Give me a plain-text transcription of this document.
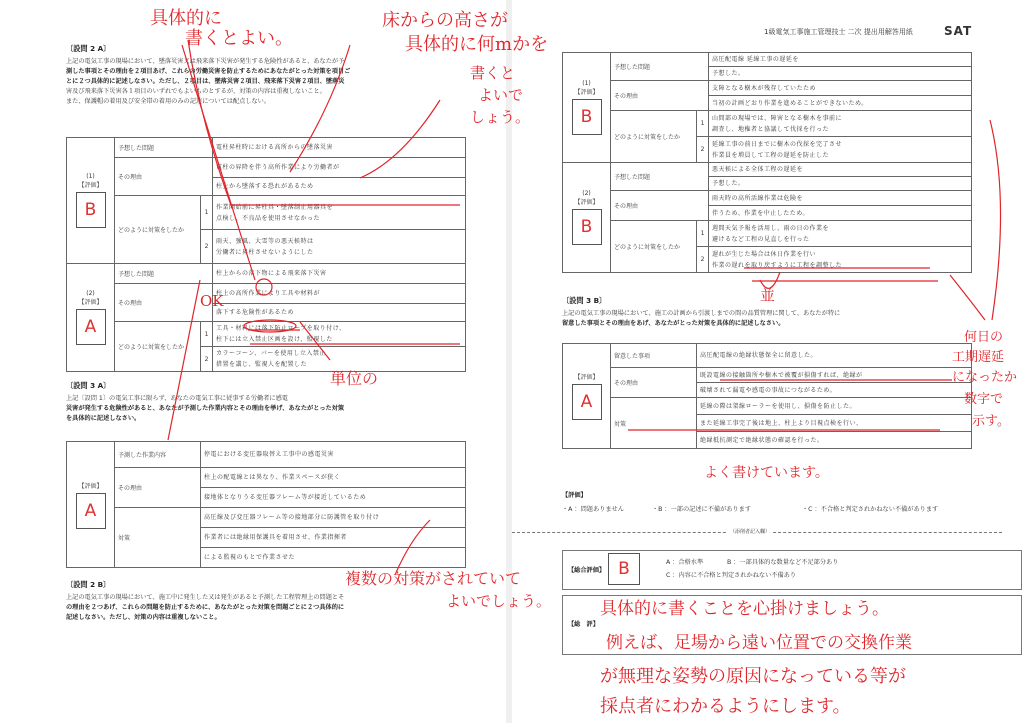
〔設問 2 A〕
上記の電気工事の現場において、墜落災害又は飛来落下災害が発生する危険性があると、あなたが予
測した事項とその理由を２項目あげ、これらの労働災害を防止するためにあなたがとった対策を項目ご
とに２つ具体的に記述しなさい。ただし、２項目は、墜落災害２項目、飛来落下災害２項目、墜落災
害及び飛来落下災害各１項目のいずれでもよいものとするが、対策の内容は重複しないこと。
また、保護帽の着用及び安全帯の着用のみの記述については配点しない。
(1)
【評価】
B	予想した問題		電柱昇柱時における高所からの墜落災害
	その理由		電柱の昇降を伴う高所作業により労働者が
			柱上から墜落する恐れがあるため
	どのように対策をしたか	1	作業開始前に昇柱具・墜落制止用器具を
点検し、不良品を使用させなかった
		2	雨天、強風、大雪等の悪天候時は
労働者に昇柱させないようにした

(2)
【評価】
A	予想した問題		柱上からの落下物による飛来落下災害
	その理由		柱上の高所作業により工具や材料が
			落下する危険性があるため
	どのように対策をしたか	1	工具・材料には落下防止ロープを取り付け、
柱下には立入禁止区画を設け、監視した
		2	カラーコーン、バーを使用し立入禁止
措置を講じ、監視人を配置した
〔設問 3 A〕
上記〔設問 1〕の電気工事に限らず、あなたの電気工事に従事する労働者に感電
災害が発生する危険性があると、あなたが予測した作業内容とその理由を挙げ、あなたがとった対策
を具体的に記述しなさい。
【評価】
A	予測した作業内容	停電における変圧器取替え工事中の感電災害
	その理由	柱上の配電線とは異なり、作業スペースが狭く
		接地体となりうる変圧器フレーム等が接近しているため
	対策	高圧線及び変圧器フレーム等の接地部分に防護管を取り付け
		作業者には絶縁用保護具を着用させ、作業指揮者
		による監視のもとで作業させた
〔設問 2 B〕
上記の電気工事の現場において、施工中に発生した又は発生があると予測した工程管理上の問題とそ
の理由を２つあげ、これらの問題を防止するために、あなたがとった対策を問題ごとに２つ具体的に
記述しなさい。ただし、対策の内容は重複しないこと。
1級電気工事施工管理技士 二次 提出用解答用紙	SAT
(1)
【評価】
B	予想した問題		高圧配電線 延線工事の遅延を
			予想した。
	その理由		支障となる樹木が残存していたため
			当初の計画どおり作業を進めることができないため。

	どのように対策をしたか	1	山間部の現場では、障害となる樹木を事前に
調査し、地権者と協議して伐採を行った
		2	延線工事の前日までに樹木の伐採を完了させ
作業員を増員して工程の遅延を防止した

(2)
【評価】
B	予想した問題		悪天候による全体工程の遅延を
			予想した。
	その理由		雨天時の高所活線作業は危険を
			伴うため、作業を中止したため。
	どのように対策をしたか	1	週間天気予報を活用し、雨の日の作業を
避けるなど工程の見直しを行った
		2	遅れが生じた場合は休日作業を行い
作業の遅れを取り戻すように工程を調整した
〔設問 3 B〕
上記の電気工事の現場において、施工の計画から引渡しまでの間の品質管理に関して、あなたが特に
留意した事項とその理由をあげ、あなたがとった対策を具体的に記述しなさい。
【評価】
A	留意した事項	高圧配電線の絶縁状態保全に留意した。
	その理由	既設電線の接触箇所や樹木で被覆が損傷すれば、絶縁が
		破壊されて漏電や感電の事故につながるため。
	対策	延線の際は架線ローラーを使用し、損傷を防止した。
		また延線工事完了後は地上、柱上より目視点検を行い、
		絶縁抵抗測定で絶縁状態の確認を行った。
【評価】
・A ：問題ありません	・B ：一部の記述に不備があります	・C ：不合格と判定されかねない不備があります
（添削者記入欄）
【総合評価】 B	A ：合格水準	B ：一部具体的な数量など不足部分あり
C ：内容に不合格と判定されかねない不備あり
【総　評】
具体的に
書くとよい。
床からの高さが
具体的に何mかを
書くと
よいで
しょう。
OK
単位の
複数の対策がされていて
よいでしょう。
並
何日の
工期遅延
になったか
数字で
示す。
よく書けています。
具体的に書くことを心掛けましょう。
例えば、足場から遠い位置での交換作業
が無理な姿勢の原因になっている等が
採点者にわかるようにします。
